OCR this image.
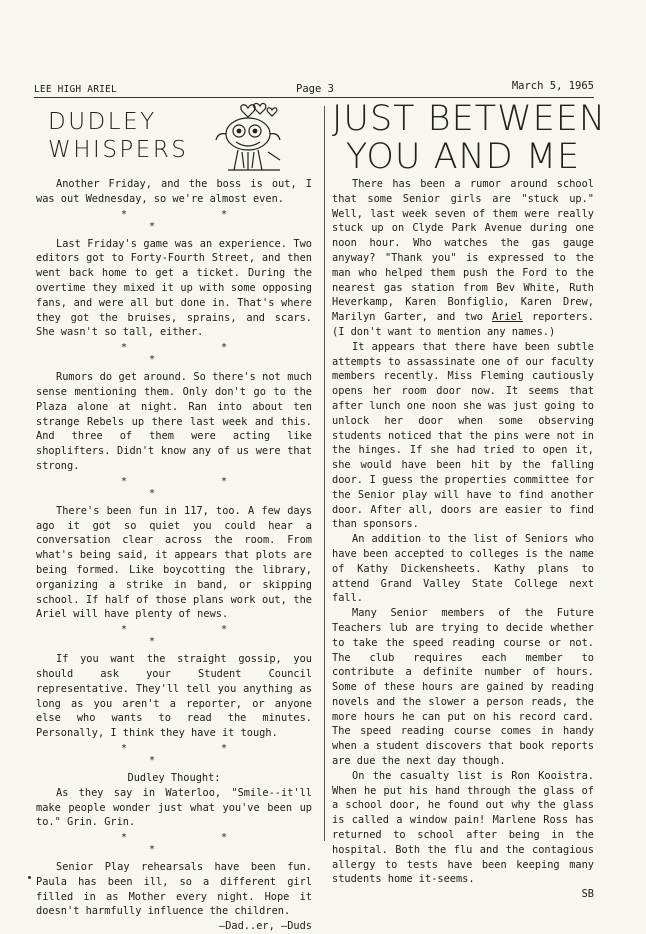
LEE HIGH ARIEL	Page 3	March 5, 1965
DUDLEY
WHISPERS

Another Friday, and the boss is out, I was out Wednesday, so we're almost even.

* * *

Last Friday's game was an experience. Two editors got to Forty-Fourth Street, and then went back home to get a ticket. During the overtime they mixed it up with some opposing fans, and were all but done in. That's where they got the bruises, sprains, and scars. She wasn't so tall, either.

* * *

Rumors do get around. So there's not much sense mentioning them. Only don't go to the Plaza alone at night. Ran into about ten strange Rebels up there last week and this. And three of them were acting like shoplifters. Didn't know any of us were that strong.

* * *

There's been fun in 117, too. A few days ago it got so quiet you could hear a conversation clear across the room. From what's being said, it appears that plots are being formed. Like boycotting the library, organizing a strike in band, or skipping school. If half of those plans work out, the Ariel will have plenty of news.

* * *

If you want the straight gossip, you should ask your Student Council representative. They'll tell you anything as long as you aren't a reporter, or anyone else who wants to read the minutes. Personally, I think they have it tough.

* * *

Dudley Thought:

As they say in Waterloo, "Smile--it'll make people wonder just what you've been up to." Grin. Grin.

* * *

Senior Play rehearsals have been fun. Paula has been ill, so a different girl filled in as Mother every night. Hope it doesn't harmfully influence the children.

—Dad..er, —Duds

JUST BETWEEN
YOU AND ME

There has been a rumor around school that some Senior girls are "stuck up." Well, last week seven of them were really stuck up on Clyde Park Avenue during one noon hour. Who watches the gas gauge anyway? "Thank you" is expressed to the man who helped them push the Ford to the nearest gas station from Bev White, Ruth Heverkamp, Karen Bonfiglio, Karen Drew, Marilyn Garter, and two Ariel reporters. (I don't want to mention any names.)

It appears that there have been subtle attempts to assassinate one of our faculty members recently. Miss Fleming cautiously opens her room door now. It seems that after lunch one noon she was just going to unlock her door when some observing students noticed that the pins were not in the hinges. If she had tried to open it, she would have been hit by the falling door. I guess the properties committee for the Senior play will have to find another door. After all, doors are easier to find than sponsors.

An addition to the list of Seniors who have been accepted to colleges is the name of Kathy Dickensheets. Kathy plans to attend Grand Valley State College next fall.

Many Senior members of the Future Teachers lub are trying to decide whether to take the speed reading course or not. The club requires each member to contribute a definite number of hours. Some of these hours are gained by reading novels and the slower a person reads, the more hours he can put on his record card. The speed reading course comes in handy when a student discovers that book reports are due the next day though.

On the casualty list is Ron Kooistra. When he put his hand through the glass of a school door, he found out why the glass is called a window pain! Marlene Ross has returned to school after being in the hospital. Both the flu and the contagious allergy to tests have been keeping many students home it-seems.

SB
